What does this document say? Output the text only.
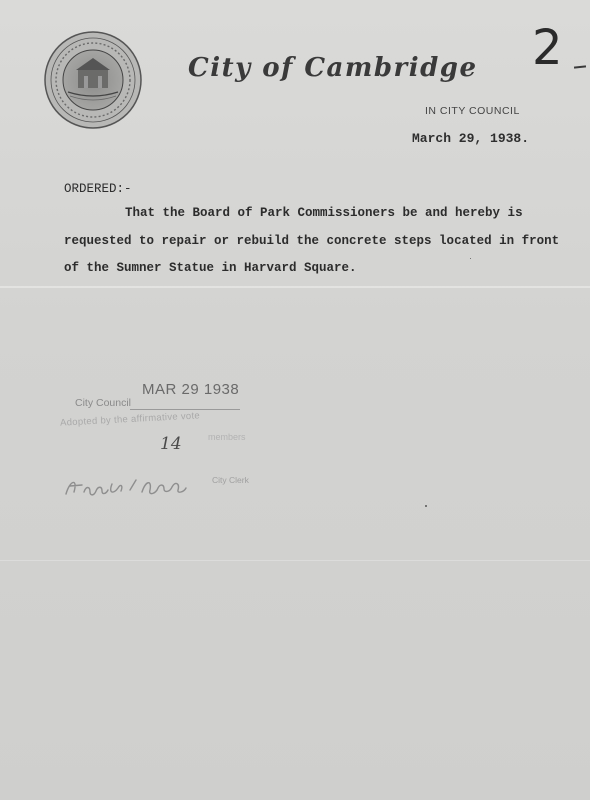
City of Cambridge 2
IN CITY COUNCIL
March 29, 1938.
ORDERED:-
That the Board of Park Commissioners be and hereby is
requested to repair or rebuild the concrete steps located in front
of the Sumner Statue in Harvard Square.
City Council
MAR 29 1938
Adopted by the affirmative vote
14	members
City Clerk
